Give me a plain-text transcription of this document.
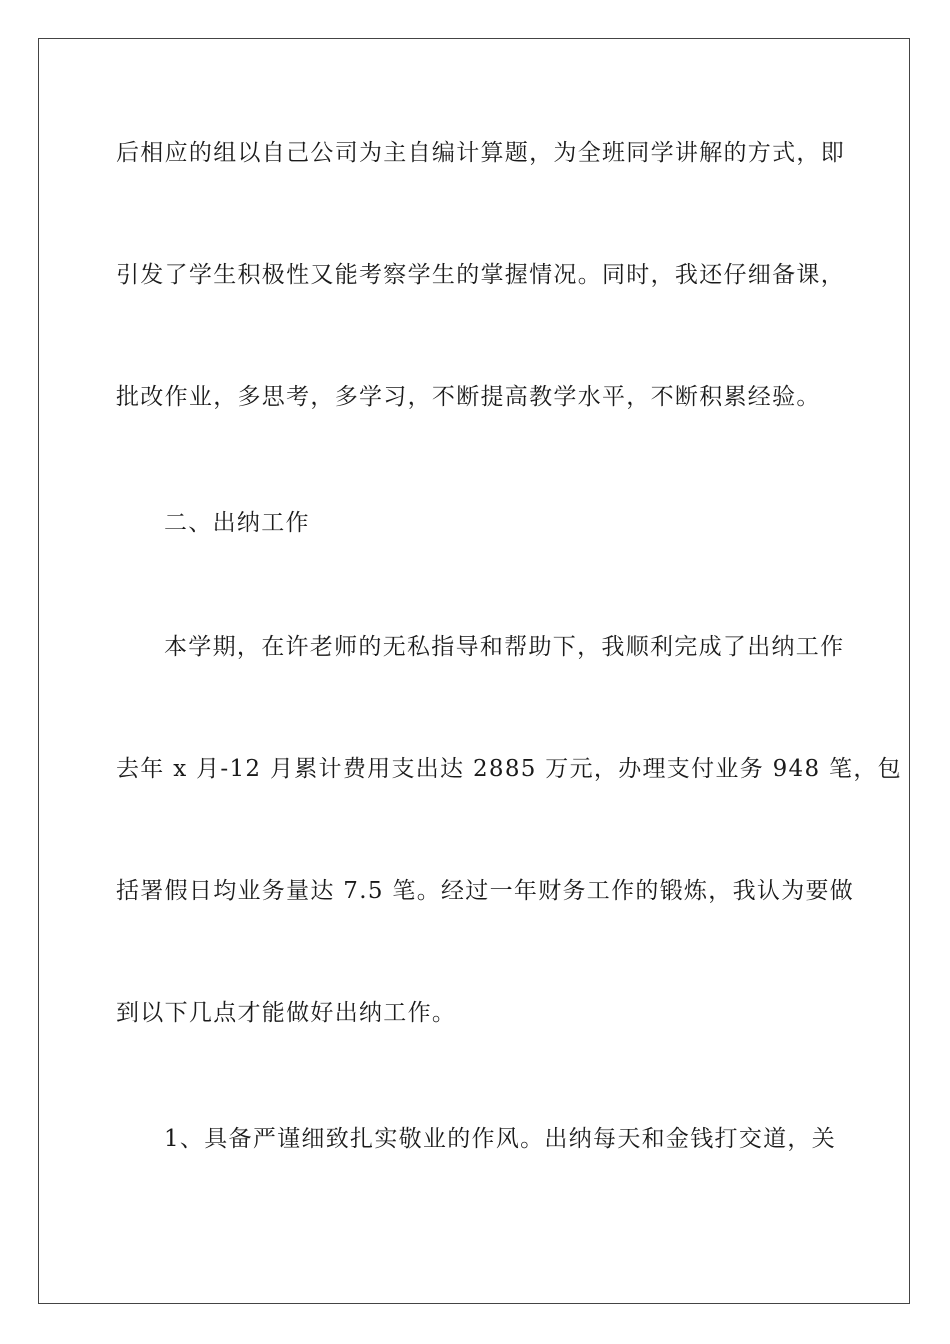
后相应的组以自己公司为主自编计算题，为全班同学讲解的方式，即
引发了学生积极性又能考察学生的掌握情况。同时，我还仔细备课，
批改作业，多思考，多学习，不断提高教学水平，不断积累经验。
二、出纳工作
本学期，在许老师的无私指导和帮助下，我顺利完成了出纳工作
去年 x 月-12 月累计费用支出达 2885 万元，办理支付业务 948 笔，包
括署假日均业务量达 7.5 笔。经过一年财务工作的锻炼，我认为要做
到以下几点才能做好出纳工作。
1、具备严谨细致扎实敬业的作风。出纳每天和金钱打交道，关
